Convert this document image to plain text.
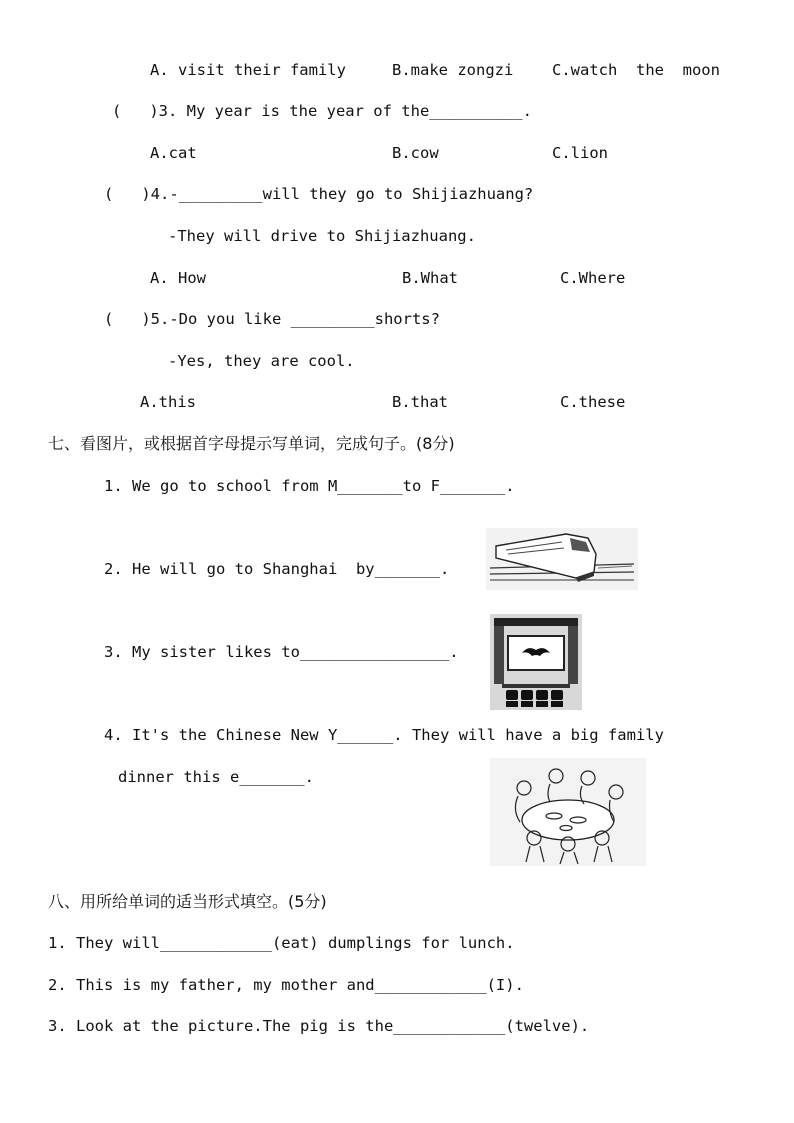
A. visit their family	B.make zongzi C.watch  the  moon
(   )3. My year is the year of the__________.
A.cat	B.cow	C.lion
(   )4.-_________will they go to Shijiazhuang?
-They will drive to Shijiazhuang.
A. How	B.What	C.Where
(   )5.-Do you like _________shorts?
-Yes, they are cool.
A.this	B.that	C.these
七、看图片，或根据首字母提示写单词，完成句子。(8分)
1. We go to school from M_______to F_______.
2. He will go to Shanghai  by_______.
3. My sister likes to________________.
4. It's the Chinese New Y______. They will have a big family
dinner this e_______.
八、用所给单词的适当形式填空。(5分)
1. They will____________(eat) dumplings for lunch.
2. This is my father, my mother and____________(I).
3. Look at the picture.The pig is the____________(twelve).
